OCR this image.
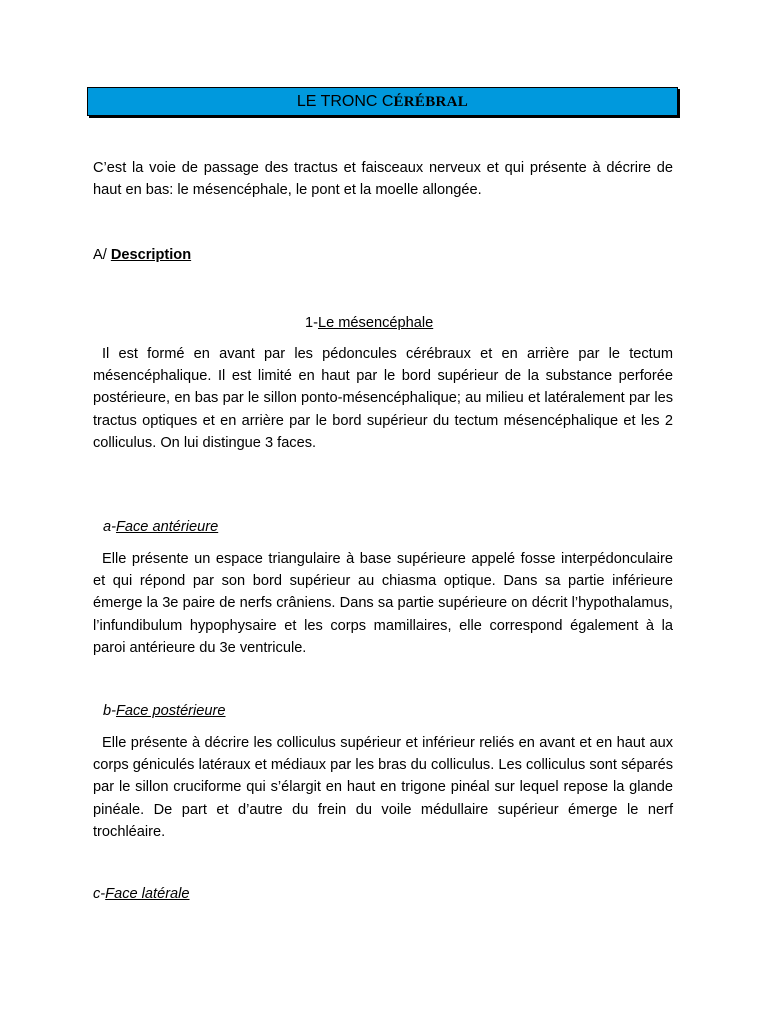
LE TRONC CÉRÉBRAL

C’est la voie de passage des tractus et faisceaux nerveux et qui présente à décrire de haut en bas: le mésencéphale, le pont et la moelle allongée.

A/ Description
1-Le mésencéphale

Il est formé en avant par les pédoncules cérébraux et en arrière par le tectum mésencéphalique. Il est limité en haut par le bord supérieur de la substance perforée postérieure, en bas par le sillon ponto-mésencéphalique; au milieu et latéralement par les tractus optiques et en arrière par le bord supérieur du tectum mésencéphalique et les 2 colliculus. On lui distingue 3 faces.

a-Face antérieure

Elle présente un espace triangulaire à base supérieure appelé fosse interpédonculaire et qui répond par son bord supérieur au chiasma optique. Dans sa partie inférieure émerge la 3e paire de nerfs crâniens. Dans sa partie supérieure on décrit l’hypothalamus, l’infundibulum hypophysaire et les corps mamillaires, elle correspond également à la paroi antérieure du 3e ventricule.

b-Face postérieure

Elle présente à décrire les colliculus supérieur et inférieur reliés en avant et en haut aux corps géniculés latéraux et médiaux par les bras du colliculus. Les colliculus sont séparés par le sillon cruciforme qui s’élargit en haut en trigone pinéal sur lequel repose la glande pinéale. De part et d’autre du frein du voile médullaire supérieur émerge le nerf trochléaire.

c-Face latérale
